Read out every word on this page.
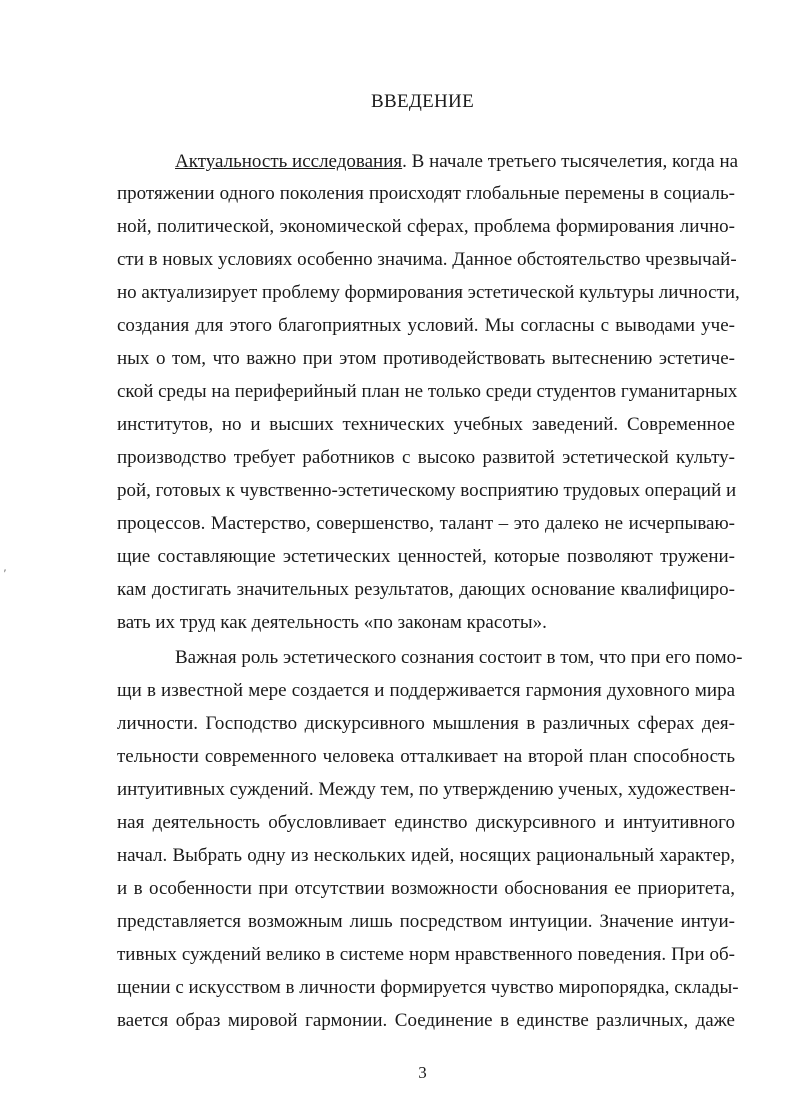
ВВЕДЕНИЕ

Актуальность исследования. В начале третьего тысячелетия, когда на

протяжении одного поколения происходят глобальные перемены в социаль-

ной, политической, экономической сферах, проблема формирования лично-

сти в новых условиях особенно значима. Данное обстоятельство чрезвычай-

но актуализирует проблему формирования эстетической культуры личности,

создания для этого благоприятных условий. Мы согласны с выводами уче-

ных о том, что важно при этом противодействовать вытеснению эстетиче-

ской среды на периферийный план не только среди студентов гуманитарных

институтов, но и высших технических учебных заведений. Современное

производство требует работников с высоко развитой эстетической культу-

рой, готовых к чувственно-эстетическому восприятию трудовых операций и

процессов. Мастерство, совершенство, талант – это далеко не исчерпываю-

щие составляющие эстетических ценностей, которые позволяют тружени-

кам достигать значительных результатов, дающих основание квалифициро-

вать их труд как деятельность «по законам красоты».

Важная роль эстетического сознания состоит в том, что при его помо-

щи в известной мере создается и поддерживается гармония духовного мира

личности. Господство дискурсивного мышления в различных сферах дея-

тельности современного человека отталкивает на второй план способность

интуитивных суждений. Между тем, по утверждению ученых, художествен-

ная деятельность обусловливает единство дискурсивного и интуитивного

начал. Выбрать одну из нескольких идей, носящих рациональный характер,

и в особенности при отсутствии возможности обоснования ее приоритета,

представляется возможным лишь посредством интуиции. Значение интуи-

тивных суждений велико в системе норм нравственного поведения. При об-

щении с искусством в личности формируется чувство миропорядка, склады-

вается образ мировой гармонии. Соединение в единстве различных, даже

'
3
